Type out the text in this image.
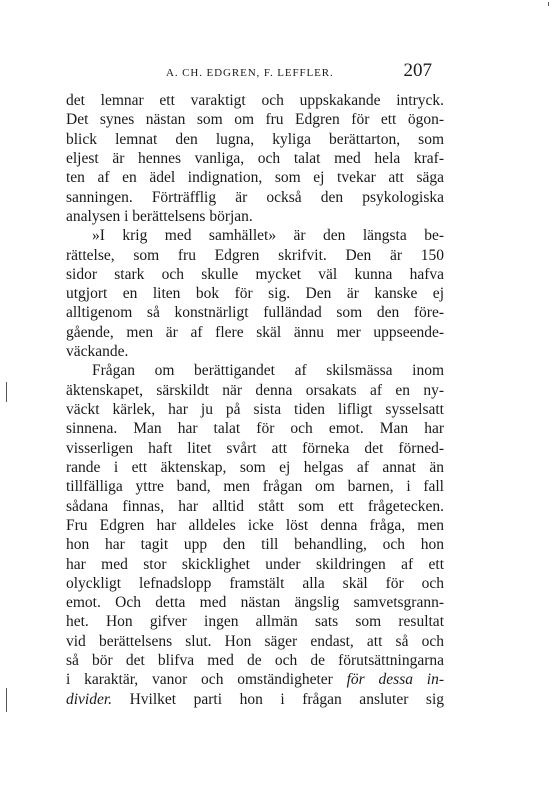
A. CH. EDGREN, F. LEFFLER.	207
det lemnar ett varaktigt och uppskakande intryck.
Det synes nästan som om fru Edgren för ett ögon-
blick lemnat den lugna, kyliga berättarton, som
eljest är hennes vanliga, och talat med hela kraf-
ten af en ädel indignation, som ej tvekar att säga
sanningen. Förträfflig är också den psykologiska
analysen i berättelsens början.
»I krig med samhället» är den längsta be-
rättelse, som fru Edgren skrifvit. Den är 150
sidor stark och skulle mycket väl kunna hafva
utgjort en liten bok för sig. Den är kanske ej
alltigenom så konstnärligt fulländad som den före-
gående, men är af flere skäl ännu mer uppseende-
väckande.
Frågan om berättigandet af skilsmässa inom
äktenskapet, särskildt när denna orsakats af en ny-
väckt kärlek, har ju på sista tiden lifligt sysselsatt
sinnena. Man har talat för och emot. Man har
visserligen haft litet svårt att förneka det förned-
rande i ett äktenskap, som ej helgas af annat än
tillfälliga yttre band, men frågan om barnen, i fall
sådana finnas, har alltid stått som ett frågetecken.
Fru Edgren har alldeles icke löst denna fråga, men
hon har tagit upp den till behandling, och hon
har med stor skicklighet under skildringen af ett
olyckligt lefnadslopp framstält alla skäl för och
emot. Och detta med nästan ängslig samvetsgrann-
het. Hon gifver ingen allmän sats som resultat
vid berättelsens slut. Hon säger endast, att så och
så bör det blifva med de och de förutsättningarna
i karaktär, vanor och omständigheter för dessa in-
divider. Hvilket parti hon i frågan ansluter sig
